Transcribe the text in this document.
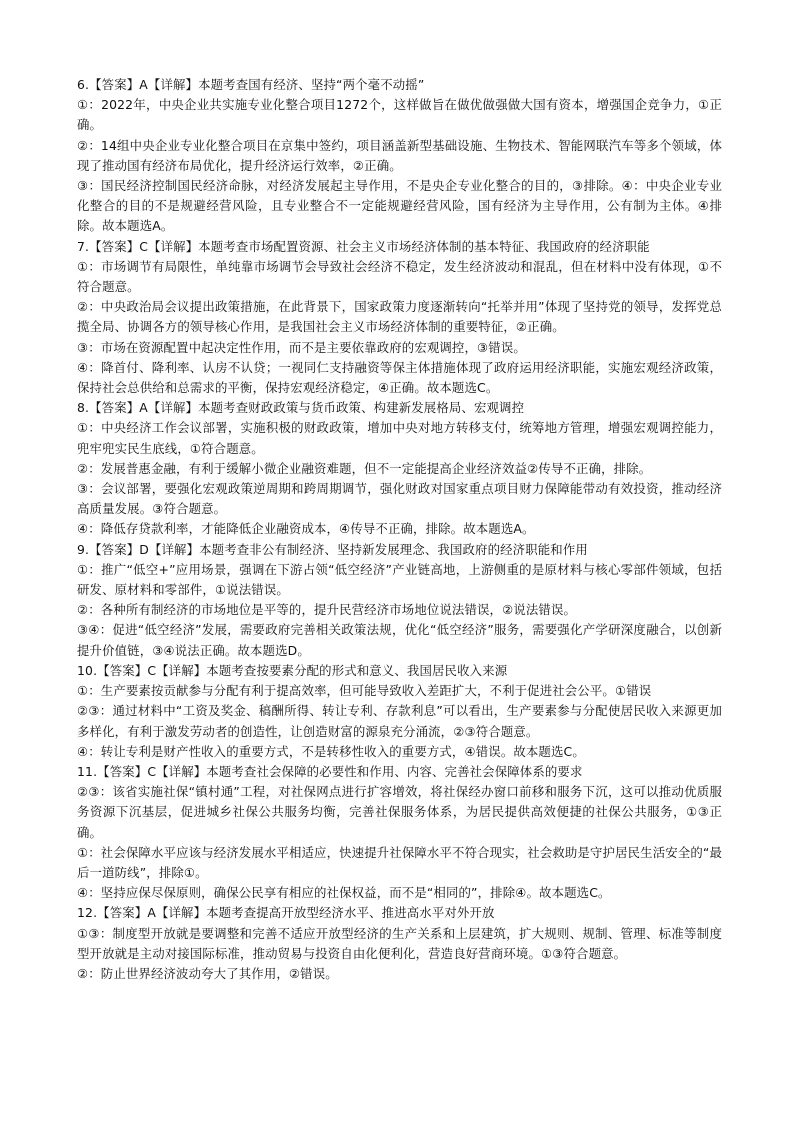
6.【答案】A【详解】本题考查国有经济、坚持“两个毫不动摇”

①：2022年，中央企业共实施专业化整合项目1272个，这样做旨在做优做强做大国有资本，增强国企竞争力，①正确。

②：14组中央企业专业化整合项目在京集中签约，项目涵盖新型基础设施、生物技术、智能网联汽车等多个领域，体现了推动国有经济布局优化，提升经济运行效率，②正确。

③：国民经济控制国民经济命脉，对经济发展起主导作用，不是央企专业化整合的目的，③排除。④：中央企业专业化整合的目的不是规避经营风险，且专业整合不一定能规避经营风险，国有经济为主导作用，公有制为主体。④排除。故本题选A。

7.【答案】C【详解】本题考查市场配置资源、社会主义市场经济体制的基本特征、我国政府的经济职能

①：市场调节有局限性，单纯靠市场调节会导致社会经济不稳定，发生经济波动和混乱，但在材料中没有体现，①不符合题意。

②：中央政治局会议提出政策措施，在此背景下，国家政策力度逐渐转向“托举并用”体现了坚持党的领导，发挥党总揽全局、协调各方的领导核心作用，是我国社会主义市场经济体制的重要特征，②正确。

③：市场在资源配置中起决定性作用，而不是主要依靠政府的宏观调控，③错误。

④：降首付、降利率、认房不认贷；一视同仁支持融资等保主体措施体现了政府运用经济职能，实施宏观经济政策，保持社会总供给和总需求的平衡，保持宏观经济稳定，④正确。故本题选C。

8.【答案】A【详解】本题考查财政政策与货币政策、构建新发展格局、宏观调控

①：中央经济工作会议部署，实施积极的财政政策，增加中央对地方转移支付，统筹地方管理，增强宏观调控能力，兜牢兜实民生底线，①符合题意。

②：发展普惠金融，有利于缓解小微企业融资难题，但不一定能提高企业经济效益②传导不正确，排除。

③：会议部署，要强化宏观政策逆周期和跨周期调节，强化财政对国家重点项目财力保障能带动有效投资，推动经济高质量发展。③符合题意。

④：降低存贷款利率，才能降低企业融资成本，④传导不正确，排除。故本题选A。

9.【答案】D【详解】本题考查非公有制经济、坚持新发展理念、我国政府的经济职能和作用

①：推广“低空+”应用场景，强调在下游占领“低空经济”产业链高地，上游侧重的是原材料与核心零部件领域，包括研发、原材料和零部件，①说法错误。

②：各种所有制经济的市场地位是平等的，提升民营经济市场地位说法错误，②说法错误。

③④：促进“低空经济”发展，需要政府完善相关政策法规，优化“低空经济”服务，需要强化产学研深度融合，以创新提升价值链，③④说法正确。故本题选D。

10.【答案】C【详解】本题考查按要素分配的形式和意义、我国居民收入来源

①：生产要素按贡献参与分配有利于提高效率，但可能导致收入差距扩大，不利于促进社会公平。①错误

②③：通过材料中“工资及奖金、稿酬所得、转让专利、存款利息”可以看出，生产要素参与分配使居民收入来源更加多样化，有利于激发劳动者的创造性，让创造财富的源泉充分涌流，②③符合题意。

④：转让专利是财产性收入的重要方式，不是转移性收入的重要方式，④错误。故本题选C。

11.【答案】C【详解】本题考查社会保障的必要性和作用、内容、完善社会保障体系的要求

②③：该省实施社保“镇村通”工程，对社保网点进行扩容增效，将社保经办窗口前移和服务下沉，这可以推动优质服务资源下沉基层，促进城乡社保公共服务均衡，完善社保服务体系，为居民提供高效便捷的社保公共服务，①③正确。

①：社会保障水平应该与经济发展水平相适应，快速提升社保障水平不符合现实，社会救助是守护居民生活安全的“最后一道防线”，排除①。

④：坚持应保尽保原则，确保公民享有相应的社保权益，而不是“相同的”，排除④。故本题选C。

12.【答案】A【详解】本题考查提高开放型经济水平、推进高水平对外开放

①③：制度型开放就是要调整和完善不适应开放型经济的生产关系和上层建筑，扩大规则、规制、管理、标准等制度型开放就是主动对接国际标准，推动贸易与投资自由化便利化，营造良好营商环境。①③符合题意。

②：防止世界经济波动夸大了其作用，②错误。
